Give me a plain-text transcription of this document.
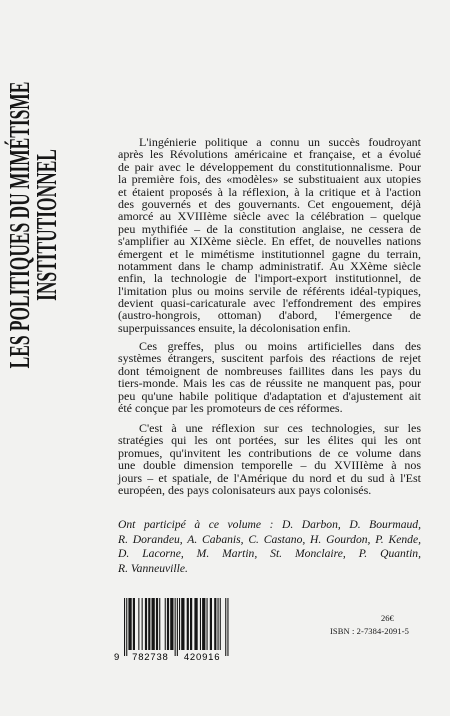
LES POLITIQUES DU MIMÉTISME
INSTITUTIONNEL
L'ingénierie politique a connu un succès foudroyant
après les Révolutions américaine et française, et a évolué
de pair avec le développement du constitutionnalisme. Pour
la première fois, des «modèles» se substituaient aux utopies
et étaient proposés à la réflexion, à la critique et à l'action
des gouvernés et des gouvernants. Cet engouement, déjà
amorcé au XVIIIème siècle avec la célébration – quelque
peu mythifiée – de la constitution anglaise, ne cessera de
s'amplifier au XIXème siècle. En effet, de nouvelles nations
émergent et le mimétisme institutionnel gagne du terrain,
notamment dans le champ administratif. Au XXème siècle
enfin, la technologie de l'import-export institutionnel, de
l'imitation plus ou moins servile de référents idéal-typiques,
devient quasi-caricaturale avec l'effondrement des empires
(austro-hongrois, ottoman) d'abord, l'émergence de
superpuissances ensuite, la décolonisation enfin.
Ces greffes, plus ou moins artificielles dans des
systèmes étrangers, suscitent parfois des réactions de rejet
dont témoignent de nombreuses faillites dans les pays du
tiers-monde. Mais les cas de réussite ne manquent pas, pour
peu qu'une habile politique d'adaptation et d'ajustement ait
été conçue par les promoteurs de ces réformes.
C'est à une réflexion sur ces technologies, sur les
stratégies qui les ont portées, sur les élites qui les ont
promues, qu'invitent les contributions de ce volume dans
une double dimension temporelle – du XVIIIème à nos
jours – et spatiale, de l'Amérique du nord et du sud à l'Est
européen, des pays colonisateurs aux pays colonisés.
Ont participé à ce volume : D. Darbon, D. Bourmaud,
R. Dorandeu, A. Cabanis, C. Castano, H. Gourdon, P. Kende,
D. Lacorne, M. Martin, St. Monclaire, P. Quantin,
R. Vanneuville.
9 782738 420916
26€
ISBN : 2-7384-2091-5
